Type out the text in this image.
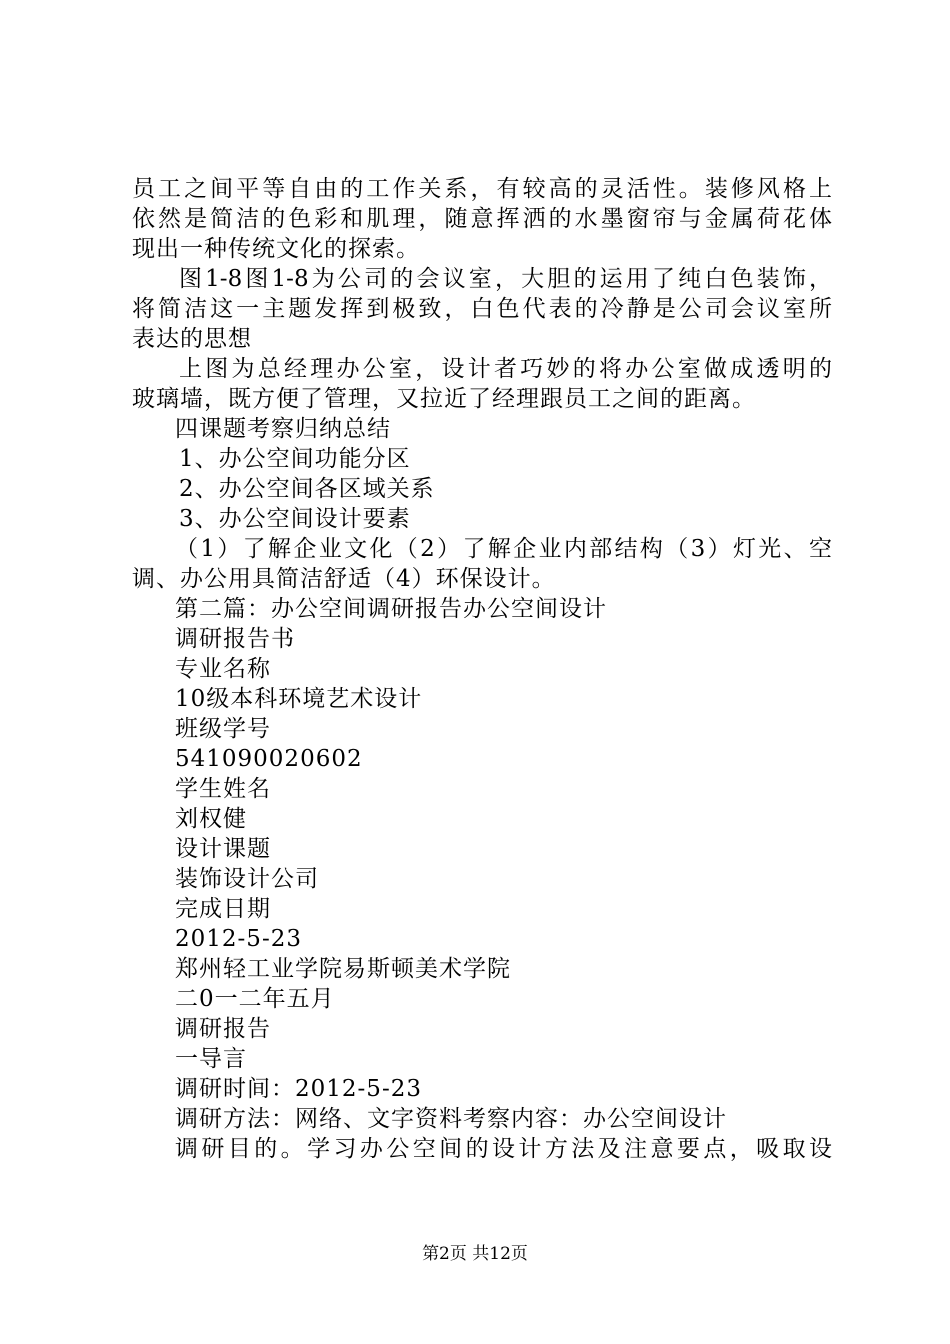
员工之间平等自由的工作关系，有较高的灵活性。装修风格上
依然是简洁的色彩和肌理，随意挥洒的水墨窗帘与金属荷花体
现出一种传统文化的探索。
图1-8图1-8为公司的会议室，大胆的运用了纯白色装饰，
将简洁这一主题发挥到极致，白色代表的冷静是公司会议室所
表达的思想
上图为总经理办公室，设计者巧妙的将办公室做成透明的
玻璃墙，既方便了管理，又拉近了经理跟员工之间的距离。
四课题考察归纳总结
1、办公空间功能分区
2、办公空间各区域关系
3、办公空间设计要素
（1）了解企业文化（2）了解企业内部结构（3）灯光、空
调、办公用具简洁舒适（4）环保设计。
第二篇：办公空间调研报告办公空间设计
调研报告书
专业名称
10级本科环境艺术设计
班级学号
541090020602
学生姓名
刘权健
设计课题
装饰设计公司
完成日期
2012-5-23
郑州轻工业学院易斯顿美术学院
二0一二年五月
调研报告
一导言
调研时间：2012-5-23
调研方法：网络、文字资料考察内容：办公空间设计
调研目的。学习办公空间的设计方法及注意要点，吸取设
第2页 共12页
